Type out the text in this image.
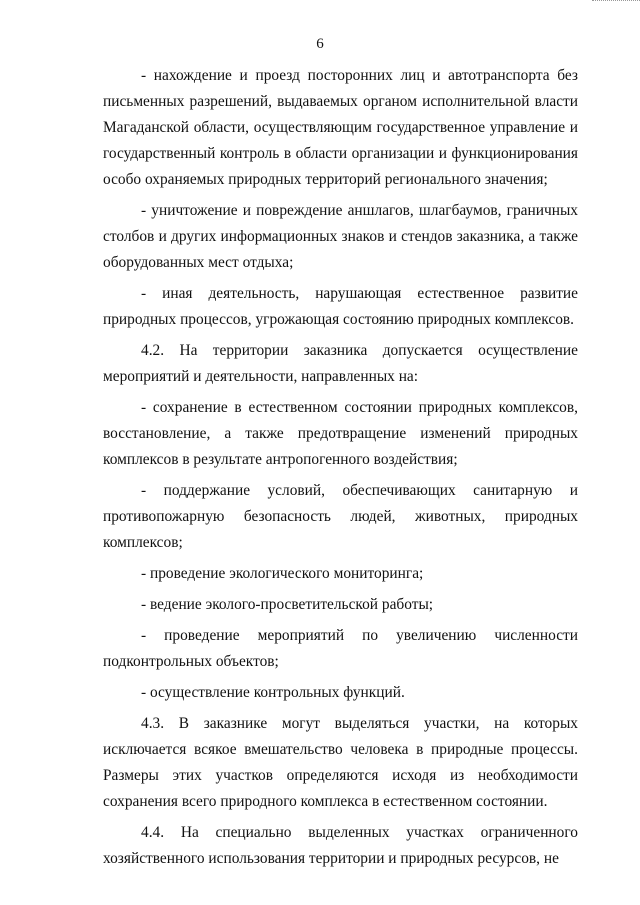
6

- нахождение и проезд посторонних лиц и автотранспорта без письменных разрешений, выдаваемых органом исполнительной власти Магаданской области, осуществляющим государственное управление и государственный контроль в области организации и функционирования особо охраняемых природных территорий регионального значения;

- уничтожение и повреждение аншлагов, шлагбаумов, граничных столбов и других информационных знаков и стендов заказника, а также оборудованных мест отдыха;

- иная деятельность, нарушающая естественное развитие природных процессов, угрожающая состоянию природных комплексов.

4.2. На территории заказника допускается осуществление мероприятий и деятельности, направленных на:

- сохранение в естественном состоянии природных комплексов, восстановление, а также предотвращение изменений природных комплексов в результате антропогенного воздействия;

- поддержание условий, обеспечивающих санитарную и противопожарную безопасность людей, животных, природных комплексов;

- проведение экологического мониторинга;

- ведение эколого-просветительской работы;

- проведение мероприятий по увеличению численности подконтрольных объектов;

- осуществление контрольных функций.

4.3. В заказнике могут выделяться участки, на которых исключается всякое вмешательство человека в природные процессы. Размеры этих участков определяются исходя из необходимости сохранения всего природного комплекса в естественном состоянии.

4.4. На специально выделенных участках ограниченного хозяйственного использования территории и природных ресурсов, не
